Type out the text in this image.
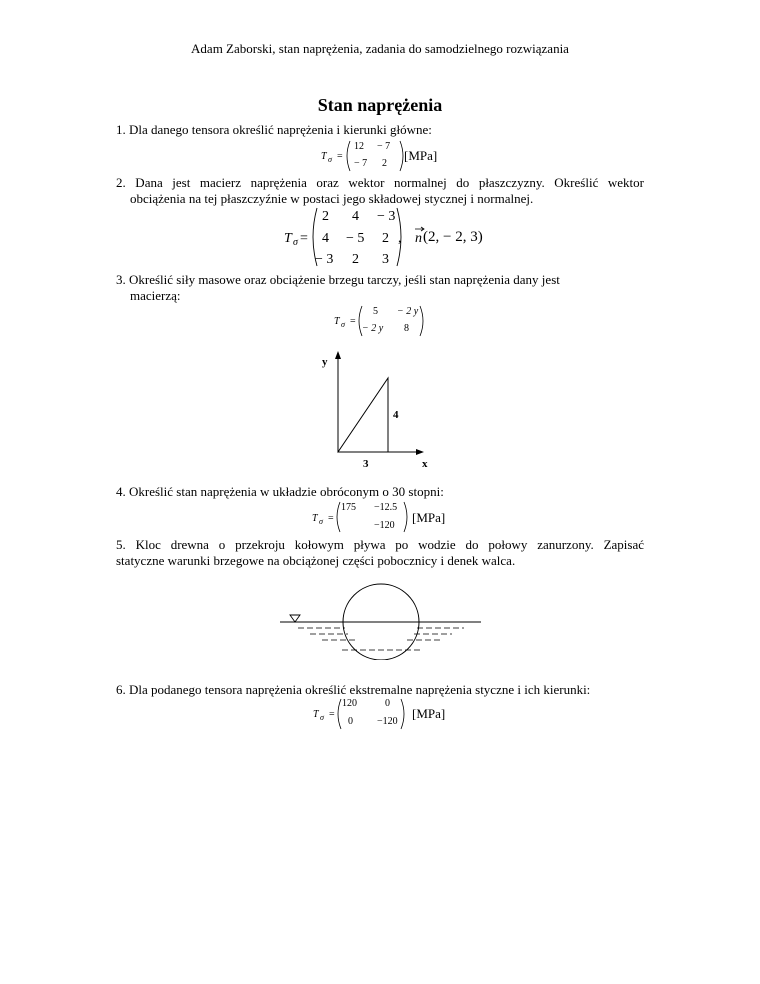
Adam Zaborski, stan naprężenia, zadania do samodzielnego rozwiązania
Stan naprężenia
1. Dla danego tensora określić naprężenia i kierunki główne:
T σ =
12 − 7
− 7 2
[MPa]
2. Dana jest macierz naprężenia oraz wektor normalnej do płaszczyzny. Określić wektor
obciążenia na tej płaszczyźnie w postaci jego składowej stycznej i normalnej.
T σ =
2 4 − 3
4 − 5 2
− 3 2 3
, n (2, − 2, 3)
3. Określić siły masowe oraz obciążenie brzegu tarczy, jeśli stan naprężenia dany jest
macierzą:
T σ =
5 − 2 y
− 2 y 8
y
x
4
3
4. Określić stan naprężenia w układzie obróconym o 30 stopni:
T σ =
175 −12.5
−120
[MPa]
5. Kloc drewna o przekroju kołowym pływa po wodzie do połowy zanurzony. Zapisać
statyczne warunki brzegowe na obciążonej części pobocznicy i denek walca.
6. Dla podanego tensora naprężenia określić ekstremalne naprężenia styczne i ich kierunki:
T σ =
120	0
0 −120
[MPa]
